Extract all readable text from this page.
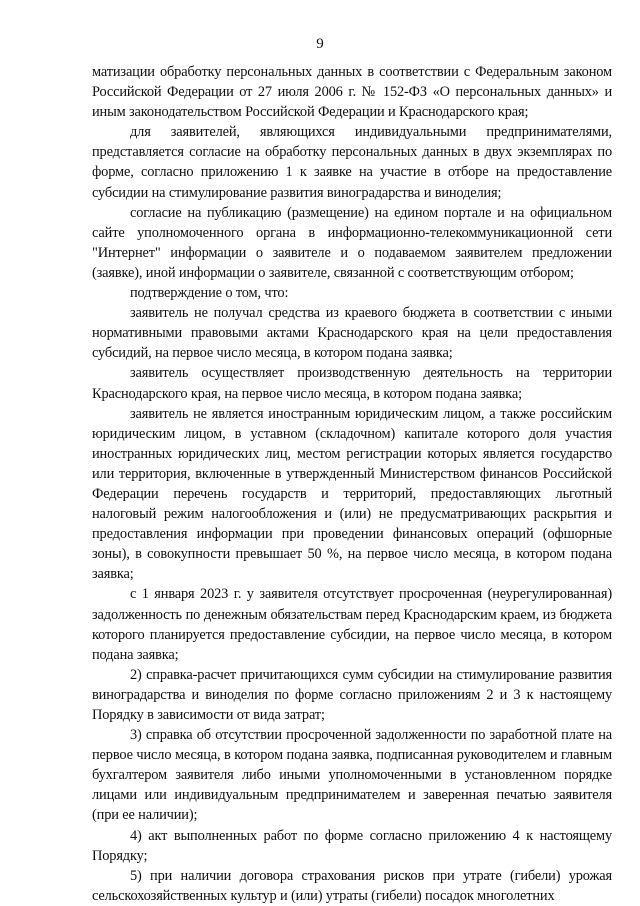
9

матизации обработку персональных данных в соответствии с Федеральным законом Российской Федерации от 27 июля 2006 г. № 152-ФЗ «О персональных данных» и иным законодательством Российской Федерации и Краснодарского края;

для заявителей, являющихся индивидуальными предпринимателями, представляется согласие на обработку персональных данных в двух экземплярах по форме, согласно приложению 1 к заявке на участие в отборе на предоставление субсидии на стимулирование развития виноградарства и виноделия;

согласие на публикацию (размещение) на едином портале и на официальном сайте уполномоченного органа в информационно-телекоммуникационной сети "Интернет" информации о заявителе и о подаваемом заявителем предложении (заявке), иной информации о заявителе, связанной с соответствующим отбором;

подтверждение о том, что:

заявитель не получал средства из краевого бюджета в соответствии с иными нормативными правовыми актами Краснодарского края на цели предоставления субсидий, на первое число месяца, в котором подана заявка;

заявитель осуществляет производственную деятельность на территории Краснодарского края, на первое число месяца, в котором подана заявка;

заявитель не является иностранным юридическим лицом, а также российским юридическим лицом, в уставном (складочном) капитале которого доля участия иностранных юридических лиц, местом регистрации которых является государство или территория, включенные в утвержденный Министерством финансов Российской Федерации перечень государств и территорий, предоставляющих льготный налоговый режим налогообложения и (или) не предусматривающих раскрытия и предоставления информации при проведении финансовых операций (офшорные зоны), в совокупности превышает 50 %, на первое число месяца, в котором подана заявка;

с 1 января 2023 г. у заявителя отсутствует просроченная (неурегулированная) задолженность по денежным обязательствам перед Краснодарским краем, из бюджета которого планируется предоставление субсидии, на первое число месяца, в котором подана заявка;

2) справка-расчет причитающихся сумм субсидии на стимулирование развития виноградарства и виноделия по форме согласно приложениям 2 и 3 к настоящему Порядку в зависимости от вида затрат;

3) справка об отсутствии просроченной задолженности по заработной плате на первое число месяца, в котором подана заявка, подписанная руководителем и главным бухгалтером заявителя либо иными уполномоченными в установленном порядке лицами или индивидуальным предпринимателем и заверенная печатью заявителя (при ее наличии);

4) акт выполненных работ по форме согласно приложению 4 к настоящему Порядку;

5) при наличии договора страхования рисков при утрате (гибели) урожая сельскохозяйственных культур и (или) утраты (гибели) посадок многолетних
